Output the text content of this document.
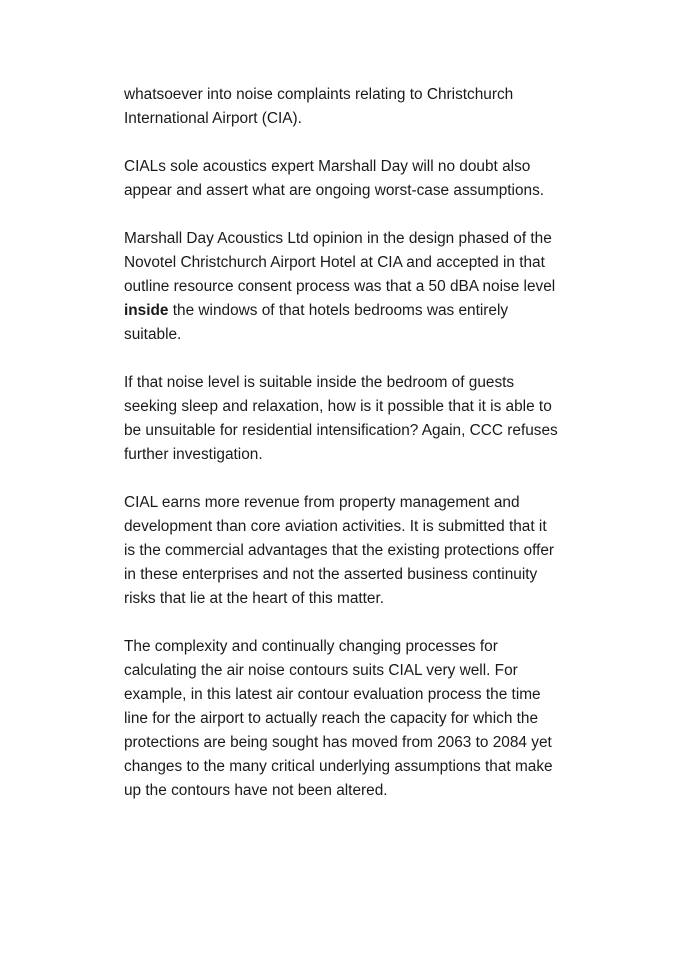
whatsoever into noise complaints relating to Christchurch
International Airport (CIA).
CIALs sole acoustics expert Marshall Day will no doubt also
appear and assert what are ongoing worst-case assumptions.
Marshall Day Acoustics Ltd opinion in the design phased of the
Novotel Christchurch Airport Hotel at CIA and accepted in that
outline resource consent process was that a 50 dBA noise level
inside the windows of that hotels bedrooms was entirely
suitable.
If that noise level is suitable inside the bedroom of guests
seeking sleep and relaxation, how is it possible that it is able to
be unsuitable for residential intensification? Again, CCC refuses
further investigation.
CIAL earns more revenue from property management and
development than core aviation activities. It is submitted that it
is the commercial advantages that the existing protections offer
in these enterprises and not the asserted business continuity
risks that lie at the heart of this matter.
The complexity and continually changing processes for
calculating the air noise contours suits CIAL very well. For
example, in this latest air contour evaluation process the time
line for the airport to actually reach the capacity for which the
protections are being sought has moved from 2063 to 2084 yet
changes to the many critical underlying assumptions that make
up the contours have not been altered.
